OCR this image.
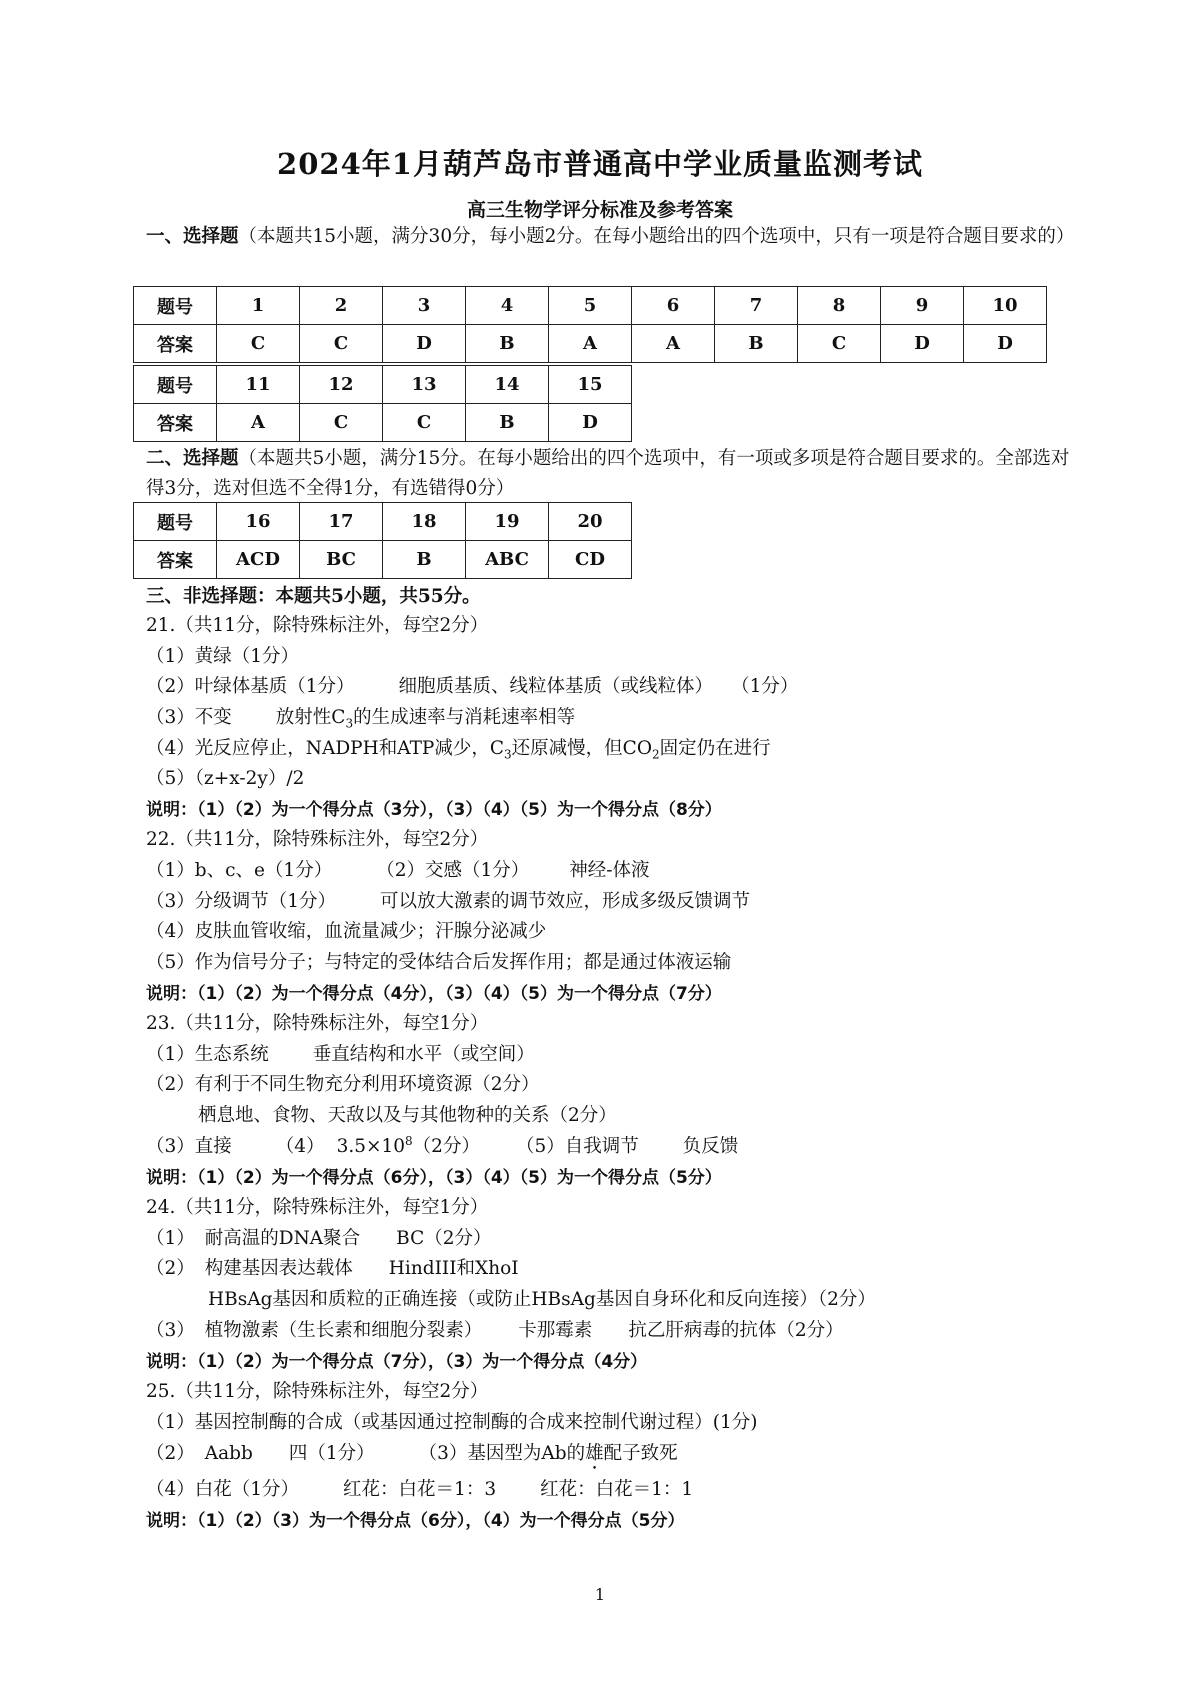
2024年1月葫芦岛市普通高中学业质量监测考试
高三生物学评分标准及参考答案
一、选择题（本题共15小题，满分30分，每小题2分。在每小题给出的四个选项中，只有一项是符合题目要求的）
题号	1	2	3	4	5	6	7	8	9	10
答案	C	C	D	B	A	A	B	C	D	D
题号	11	12	13	14	15
答案	A	C	C	B	D
二、选择题（本题共5小题，满分15分。在每小题给出的四个选项中，有一项或多项是符合题目要求的。全部选对得3分，选对但选不全得1分，有选错得0分）
题号	16	17	18	19	20
答案	ACD	BC	B	ABC	CD
三、非选择题：本题共5小题，共55分。
21.（共11分，除特殊标注外，每空2分）
（1）黄绿（1分）
（2）叶绿体基质（1分） 细胞质基质、线粒体基质（或线粒体） （1分）
（3）不变 放射性$C_3$的生成速率与消耗速率相等
（4）光反应停止，NADPH和ATP减少，$C_3$还原减慢，但$CO_2$固定仍在进行
（5）（z+x-2y）/2
说明：（1）（2）为一个得分点（3分），（3）（4）（5）为一个得分点（8分）
22.（共11分，除特殊标注外，每空2分）
（1）b、c、e（1分） （2）交感（1分） 神经-体液
（3）分级调节（1分） 可以放大激素的调节效应，形成多级反馈调节
（4）皮肤血管收缩，血流量减少；汗腺分泌减少
（5）作为信号分子；与特定的受体结合后发挥作用；都是通过体液运输
说明：（1）（2）为一个得分点（4分），（3）（4）（5）为一个得分点（7分）
23.（共11分，除特殊标注外，每空1分）
（1）生态系统 垂直结构和水平（或空间）
（2）有利于不同生物充分利用环境资源（2分）
栖息地、食物、天敌以及与其他物种的关系（2分）
（3）直接 （4） $3.5\times 10^8(2$分） （5）自我调节 负反馈
说明：（1）（2）为一个得分点（6分），（3）（4）（5）为一个得分点（5分）
24.（共11分，除特殊标注外，每空1分）
（1） 耐高温的DNA聚合 BC（2分）
（2） 构建基因表达载体 HindIII和XhoI
HBsAg基因和质粒的正确连接（或防止HBsAg基因自身环化和反向连接）（2分）
（3） 植物激素（生长素和细胞分裂素） 卡那霉素 抗乙肝病毒的抗体（2分）
说明：（1）（2）为一个得分点（7分），（3）为一个得分点（4分）
25.（共11分，除特殊标注外，每空2分）
（1）基因控制酶的合成（或基因通过控制酶的合成来控制代谢过程）(1分)
（2） Aabb 四（1分） （3）基因型为Ab的雄配子致死
（4）白花（1分） 红花：白花＝1：3 红花：白花＝1：1
说明：（1）（2）（3）为一个得分点（6分），（4）为一个得分点（5分）
1
